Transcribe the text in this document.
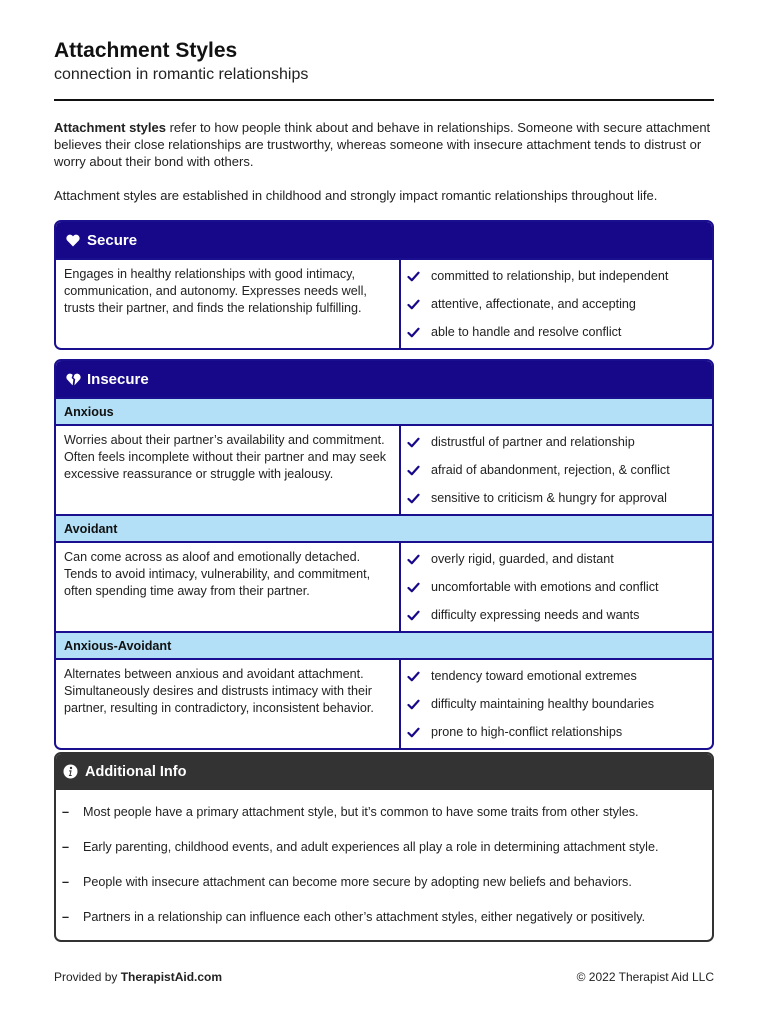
Attachment Styles
connection in romantic relationships

Attachment styles refer to how people think about and behave in relationships. Someone with secure attachment believes their close relationships are trustworthy, whereas someone with insecure attachment tends to distrust or worry about their bond with others.

Attachment styles are established in childhood and strongly impact romantic relationships throughout life.

Secure
Engages in healthy relationships with good intimacy, communication, and autonomy. Expresses needs well, trusts their partner, and finds the relationship fulfilling.
committed to relationship, but independent
attentive, affectionate, and accepting
able to handle and resolve conflict
Insecure
Anxious
Worries about their partner’s availability and commitment. Often feels incomplete without their partner and may seek excessive reassurance or struggle with jealousy.
distrustful of partner and relationship
afraid of abandonment, rejection, & conflict
sensitive to criticism & hungry for approval
Avoidant
Can come across as aloof and emotionally detached. Tends to avoid intimacy, vulnerability, and commitment, often spending time away from their partner.
overly rigid, guarded, and distant
uncomfortable with emotions and conflict
difficulty expressing needs and wants
Anxious-Avoidant
Alternates between anxious and avoidant attachment. Simultaneously desires and distrusts intimacy with their partner, resulting in contradictory, inconsistent behavior.
tendency toward emotional extremes
difficulty maintaining healthy boundaries
prone to high-conflict relationships
Additional Info
–	Most people have a primary attachment style, but it’s common to have some traits from other styles.
–	Early parenting, childhood events, and adult experiences all play a role in determining attachment style.
–	People with insecure attachment can become more secure by adopting new beliefs and behaviors.
–	Partners in a relationship can influence each other’s attachment styles, either negatively or positively.
Provided by TherapistAid.com	© 2022 Therapist Aid LLC
